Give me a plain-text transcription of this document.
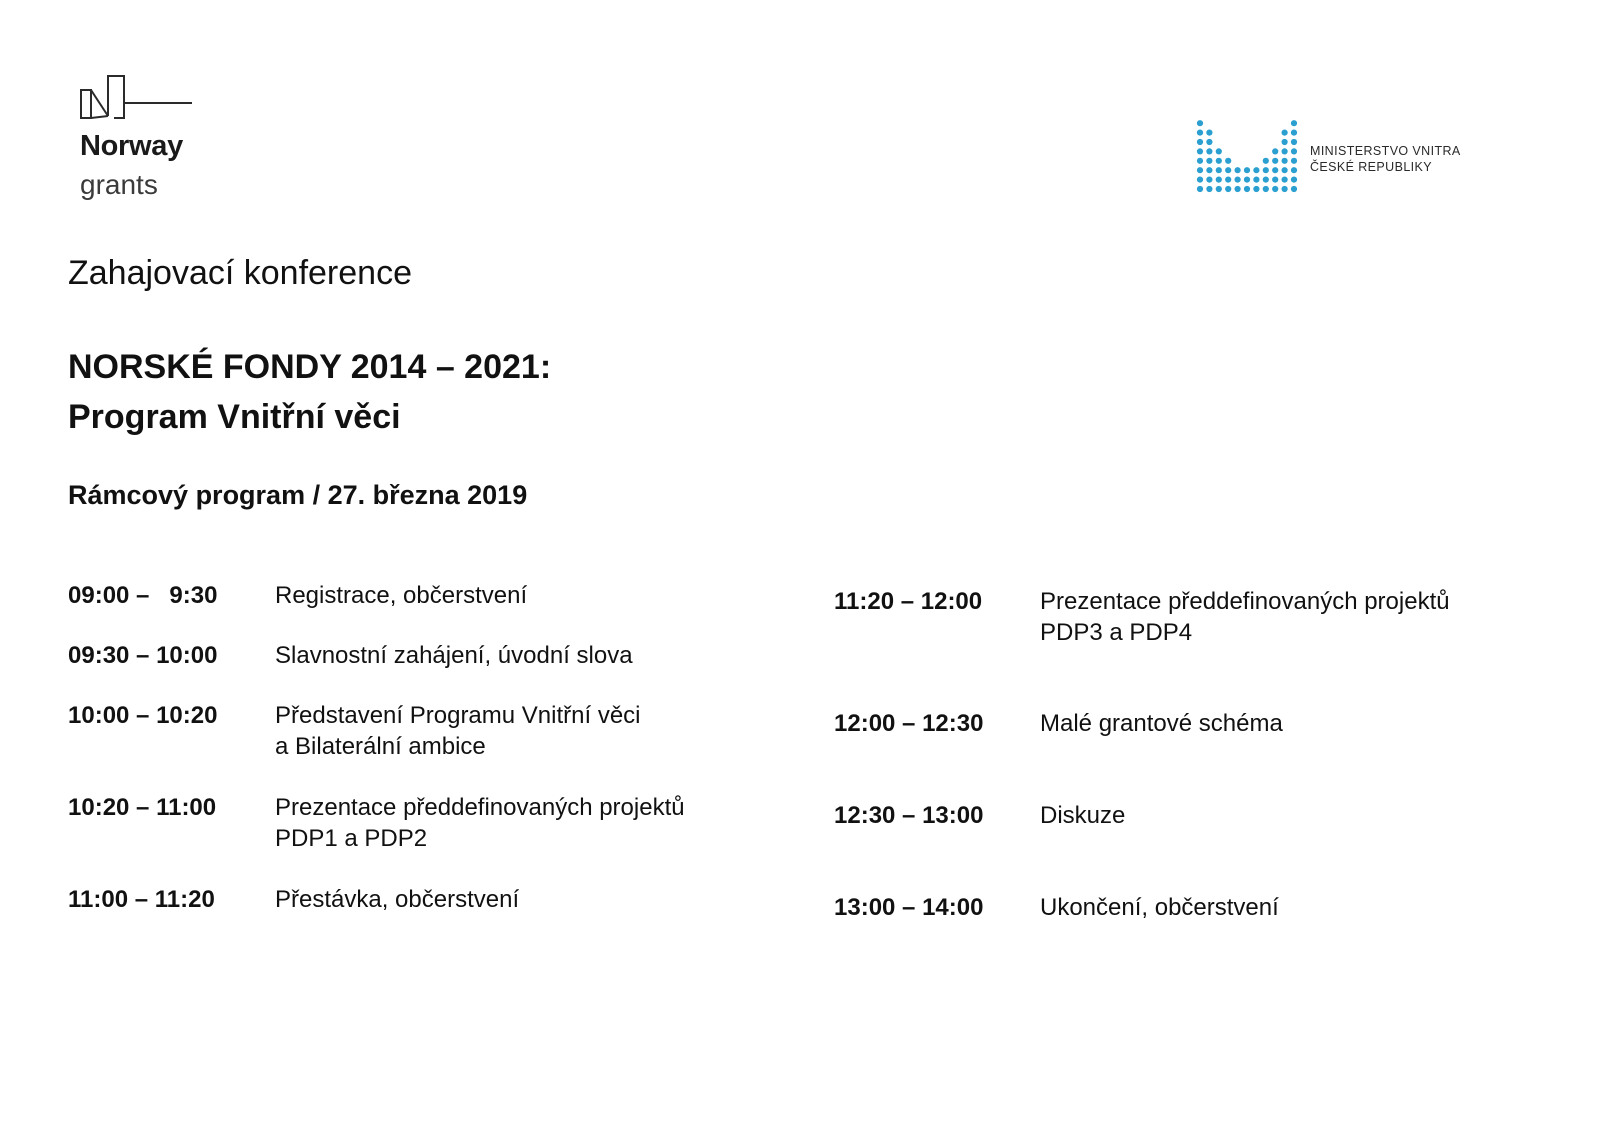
Norway
grants
MINISTERSTVO VNITRA
ČESKÉ REPUBLIKY
Zahajovací konference
NORSKÉ FONDY 2014 – 2021:
Program Vnitřní věci
Rámcový program / 27. března 2019
09:00 –   9:30 Registrace, občerstvení
09:30 – 10:00 Slavnostní zahájení, úvodní slova
10:00 – 10:20 Představení Programu Vnitřní věci
a Bilaterální ambice
10:20 – 11:00 Prezentace předdefinovaných projektů
PDP1 a PDP2
11:00 – 11:20	Přestávka, občerstvení
11:20 – 12:00 Prezentace předdefinovaných projektů
PDP3 a PDP4
12:00 – 12:30 Malé grantové schéma
12:30 – 13:00 Diskuze
13:00 – 14:00 Ukončení, občerstvení
